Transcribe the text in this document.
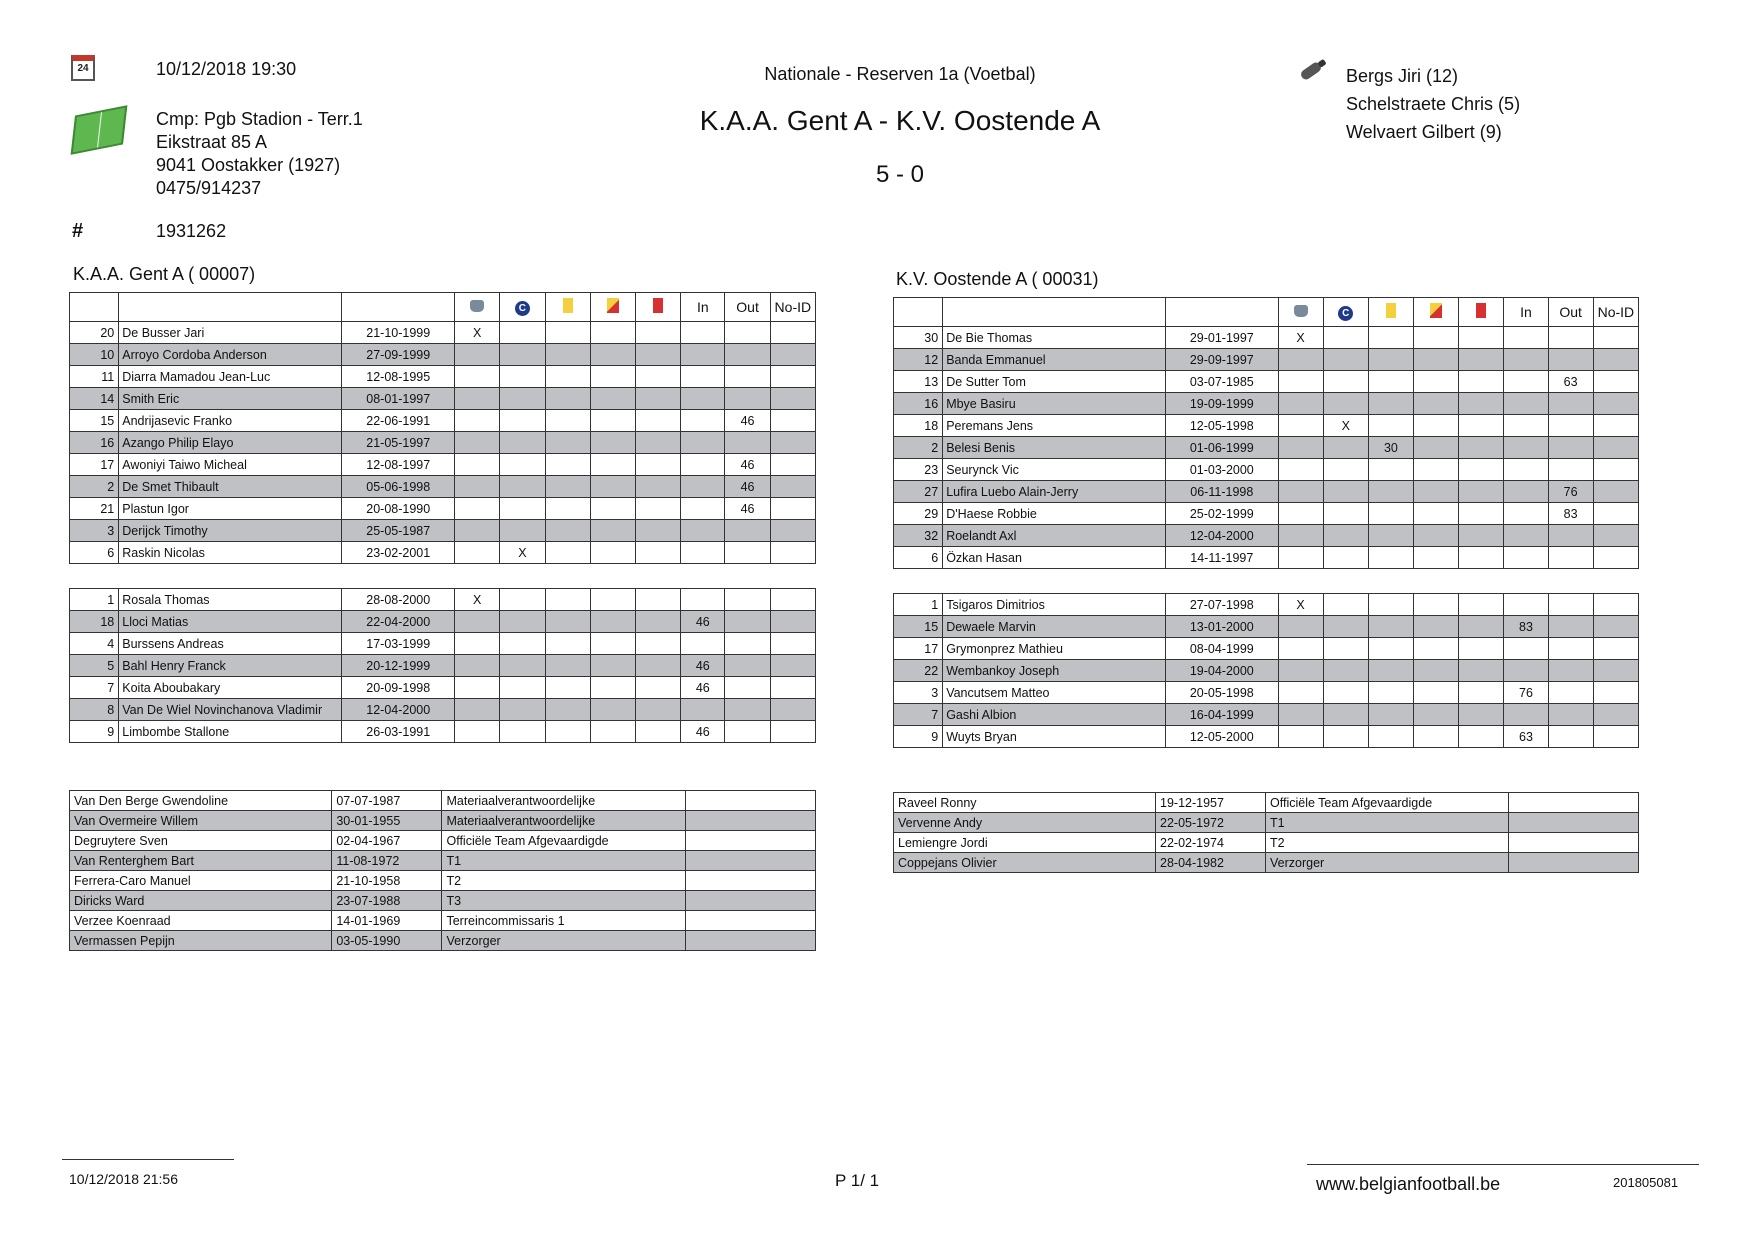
24	10/12/2018 19:30
Cmp: Pgb Stadion - Terr.1
Eikstraat 85 A
9041 Oostakker (1927)
0475/914237
#	1931262
Nationale - Reserven 1a (Voetbal)
K.A.A. Gent A - K.V. Oostende A
5 - 0
Bergs Jiri (12)
Schelstraete Chris (5)
Welvaert Gilbert (9)
K.A.A. Gent A ( 00007)	K.V. Oostende A ( 00031)
				C				In	Out	No-ID
20	De Busser Jari	21-10-1999	X							
10	Arroyo Cordoba Anderson	27-09-1999								
11	Diarra Mamadou Jean-Luc	12-08-1995								
14	Smith Eric	08-01-1997								
15	Andrijasevic Franko	22-06-1991							46	
16	Azango Philip Elayo	21-05-1997								
17	Awoniyi Taiwo Micheal	12-08-1997							46	
2	De Smet Thibault	05-06-1998							46	
21	Plastun Igor	20-08-1990							46	
3	Derijck Timothy	25-05-1987								
6	Raskin Nicolas	23-02-2001		X						

1	Rosala Thomas	28-08-2000	X							
18	Lloci Matias	22-04-2000						46		
4	Burssens Andreas	17-03-1999								
5	Bahl Henry Franck	20-12-1999						46		
7	Koita Aboubakary	20-09-1998						46		
8	Van De Wiel Novinchanova Vladimir	12-04-2000								
9	Limbombe Stallone	26-03-1991						46		
				C				In	Out	No-ID
30	De Bie Thomas	29-01-1997	X							
12	Banda Emmanuel	29-09-1997								
13	De Sutter Tom	03-07-1985							63	
16	Mbye Basiru	19-09-1999								
18	Peremans Jens	12-05-1998		X						
2	Belesi Benis	01-06-1999			30					
23	Seurynck Vic	01-03-2000								
27	Lufira Luebo Alain-Jerry	06-11-1998							76	
29	D'Haese Robbie	25-02-1999							83	
32	Roelandt Axl	12-04-2000								
6	Özkan Hasan	14-11-1997								

1	Tsigaros Dimitrios	27-07-1998	X							
15	Dewaele Marvin	13-01-2000						83		
17	Grymonprez Mathieu	08-04-1999								
22	Wembankoy Joseph	19-04-2000								
3	Vancutsem Matteo	20-05-1998						76		
7	Gashi Albion	16-04-1999								
9	Wuyts Bryan	12-05-2000						63		
Van Den Berge Gwendoline	07-07-1987	Materiaalverantwoordelijke	
Van Overmeire Willem	30-01-1955	Materiaalverantwoordelijke	
Degruytere Sven	02-04-1967	Officiële Team Afgevaardigde	
Van Renterghem Bart	11-08-1972	T1	
Ferrera-Caro Manuel	21-10-1958	T2	
Diricks Ward	23-07-1988	T3	
Verzee Koenraad	14-01-1969	Terreincommissaris 1	
Vermassen Pepijn	03-05-1990	Verzorger	
Raveel Ronny	19-12-1957	Officiële Team Afgevaardigde	
Vervenne Andy	22-05-1972	T1	
Lemiengre Jordi	22-02-1974	T2	
Coppejans Olivier	28-04-1982	Verzorger	
10/12/2018 21:56	P 1/ 1	www.belgianfootball.be	201805081
